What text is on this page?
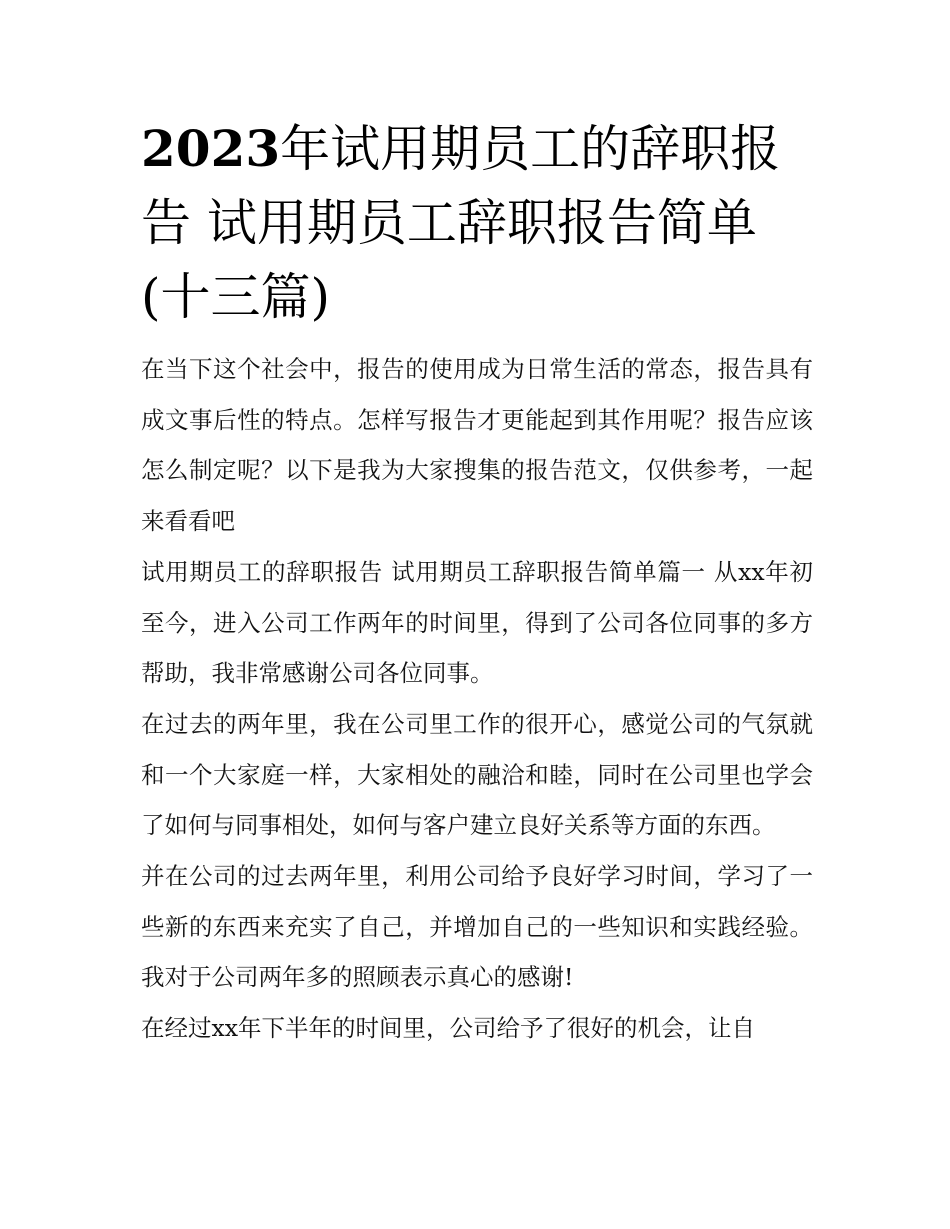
2023年试用期员工的辞职报告 试用期员工辞职报告简单(十三篇)

在当下这个社会中，报告的使用成为日常生活的常态，报告具有成文事后性的特点。怎样写报告才更能起到其作用呢？报告应该怎么制定呢？以下是我为大家搜集的报告范文，仅供参考，一起来看看吧

试用期员工的辞职报告 试用期员工辞职报告简单篇一 从xx年初至今，进入公司工作两年的时间里，得到了公司各位同事的多方帮助，我非常感谢公司各位同事。

在过去的两年里，我在公司里工作的很开心，感觉公司的气氛就和一个大家庭一样，大家相处的融洽和睦，同时在公司里也学会了如何与同事相处，如何与客户建立良好关系等方面的东西。

并在公司的过去两年里，利用公司给予良好学习时间，学习了一些新的东西来充实了自己，并增加自己的一些知识和实践经验。 我对于公司两年多的照顾表示真心的感谢!

在经过xx年下半年的时间里，公司给予了很好的机会，让自
